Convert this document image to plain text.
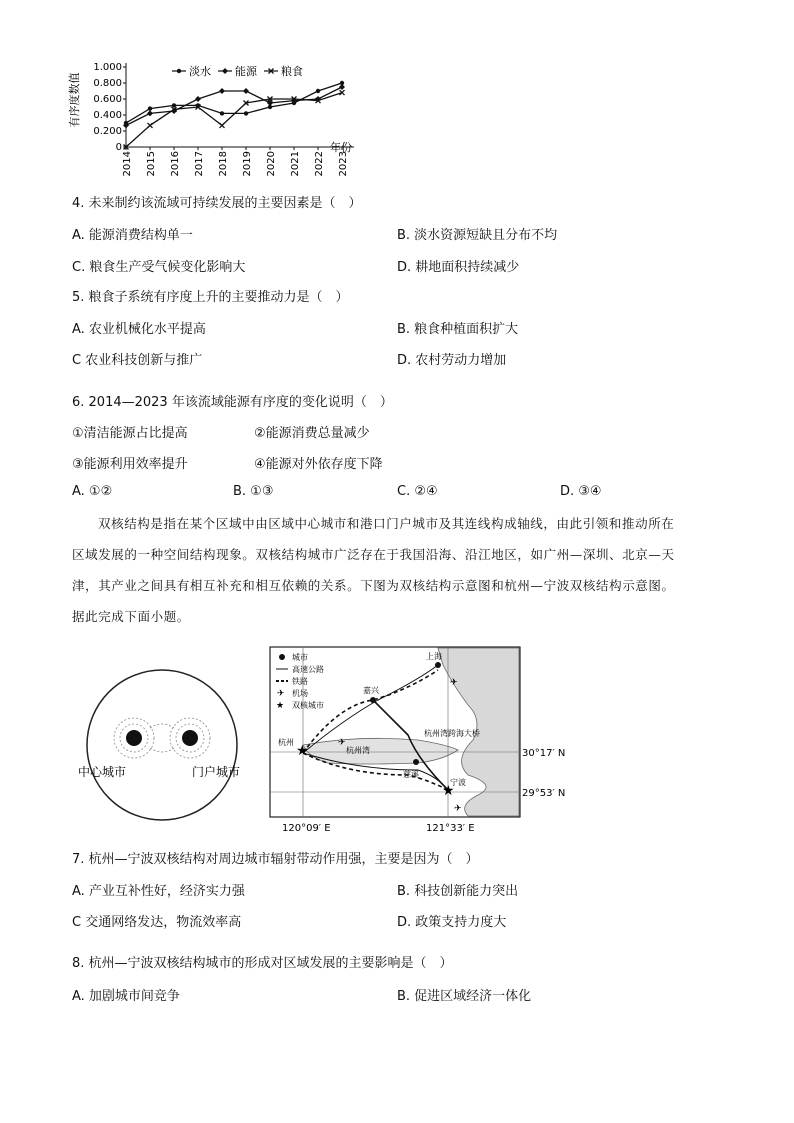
0
0.200
0.400
0.600
0.800
1.000
2014 2015 2016 2017 2018 2019 2020 2021 2022 2023
淡水 能源 粮食
有序度数值
年份
4. 未来制约该流域可持续发展的主要因素是（　）
A. 能源消费结构单一	B. 淡水资源短缺且分布不均
C. 粮食生产受气候变化影响大	D. 耕地面积持续减少
5. 粮食子系统有序度上升的主要推动力是（　）
A. 农业机械化水平提高	B. 粮食种植面积扩大
C 农业科技创新与推广	D. 农村劳动力增加
6. 2014—2023 年该流域能源有序度的变化说明（　）
①清洁能源占比提高	②能源消费总量减少
③能源利用效率提升	④能源对外依存度下降
A. ①②	B. ①③	C. ②④	D. ③④
双核结构是指在某个区域中由区域中心城市和港口门户城市及其连线构成轴线，由此引领和推动所在
区域发展的一种空间结构现象。双核结构城市广泛存在于我国沿海、沿江地区，如广州—深圳、北京—天
津，其产业之间具有相互补充和相互依赖的关系。下图为双核结构示意图和杭州—宁波双核结构示意图。
据此完成下面小题。
中心城市	门户城市
城市
高速公路
铁路
✈ 机场
★ 双核城市
上海
嘉兴
★
杭州
杭州湾
杭州湾跨海大桥
慈溪
★
宁波
✈
✈
✈
30°17′ N
29°53′ N
120°09′ E	121°33′ E
7. 杭州—宁波双核结构对周边城市辐射带动作用强，主要是因为（　）
A. 产业互补性好，经济实力强	B. 科技创新能力突出
C 交通网络发达，物流效率高	D. 政策支持力度大
8. 杭州—宁波双核结构城市的形成对区域发展的主要影响是（　）
A. 加剧城市间竞争	B. 促进区域经济一体化
